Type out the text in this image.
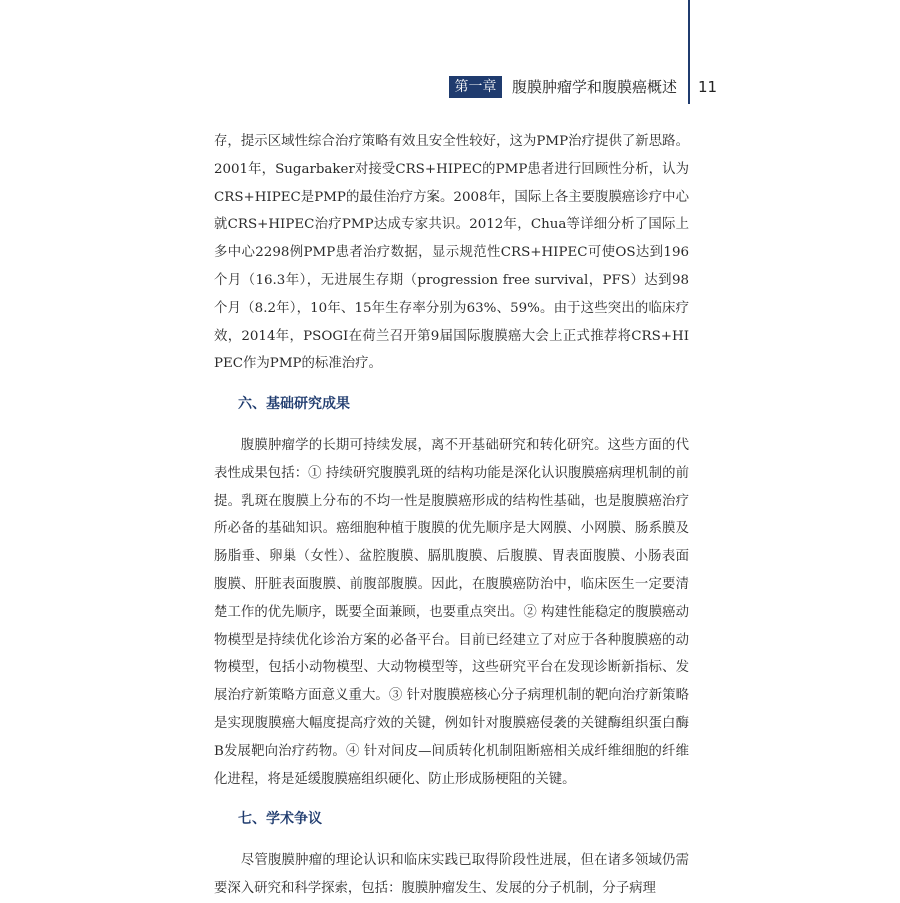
第一章	腹膜肿瘤学和腹膜癌概述 11

存，提示区域性综合治疗策略有效且安全性较好，这为PMP治疗提供了新思路。2001年，Sugarbaker对接受CRS+HIPEC的PMP患者进行回顾性分析，认为CRS+HIPEC是PMP的最佳治疗方案。2008年，国际上各主要腹膜癌诊疗中心就CRS+HIPEC治疗PMP达成专家共识。2012年，Chua等详细分析了国际上多中心2298例PMP患者治疗数据，显示规范性CRS+HIPEC可使OS达到196个月（16.3年），无进展生存期（progression free survival，PFS）达到98个月（8.2年），10年、15年生存率分别为63%、59%。由于这些突出的临床疗效，2014年，PSOGI在荷兰召开第9届国际腹膜癌大会上正式推荐将CRS+HIPEC作为PMP的标准治疗。

六、基础研究成果

腹膜肿瘤学的长期可持续发展，离不开基础研究和转化研究。这些方面的代表性成果包括：① 持续研究腹膜乳斑的结构功能是深化认识腹膜癌病理机制的前提。乳斑在腹膜上分布的不均一性是腹膜癌形成的结构性基础，也是腹膜癌治疗所必备的基础知识。癌细胞种植于腹膜的优先顺序是大网膜、小网膜、肠系膜及肠脂垂、卵巢（女性）、盆腔腹膜、膈肌腹膜、后腹膜、胃表面腹膜、小肠表面腹膜、肝脏表面腹膜、前腹部腹膜。因此，在腹膜癌防治中，临床医生一定要清楚工作的优先顺序，既要全面兼顾，也要重点突出。② 构建性能稳定的腹膜癌动物模型是持续优化诊治方案的必备平台。目前已经建立了对应于各种腹膜癌的动物模型，包括小动物模型、大动物模型等，这些研究平台在发现诊断新指标、发展治疗新策略方面意义重大。③ 针对腹膜癌核心分子病理机制的靶向治疗新策略是实现腹膜癌大幅度提高疗效的关键，例如针对腹膜癌侵袭的关键酶组织蛋白酶B发展靶向治疗药物。④ 针对间皮—间质转化机制阻断癌相关成纤维细胞的纤维化进程，将是延缓腹膜癌组织硬化、防止形成肠梗阻的关键。

七、学术争议

尽管腹膜肿瘤的理论认识和临床实践已取得阶段性进展，但在诸多领域仍需要深入研究和科学探索，包括：腹膜肿瘤发生、发展的分子机制，分子病理
